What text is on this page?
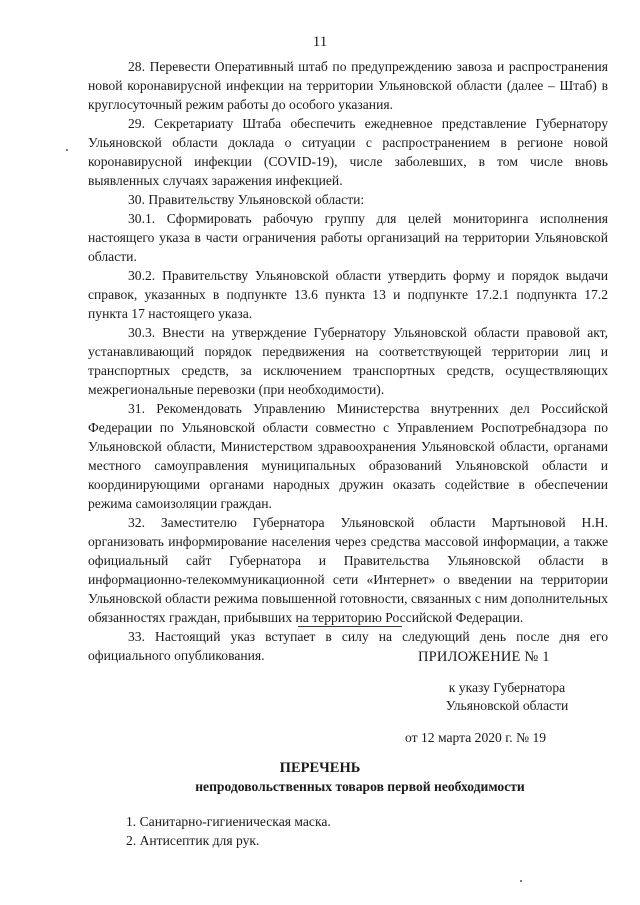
11

28. Перевести Оперативный штаб по предупреждению завоза и распространения новой коронавирусной инфекции на территории Ульяновской области (далее – Штаб) в круглосуточный режим работы до особого указания.

29. Секретариату Штаба обеспечить ежедневное представление Губернатору Ульяновской области доклада о ситуации с распространением в регионе новой коронавирусной инфекции (COVID-19), числе заболевших, в том числе вновь выявленных случаях заражения инфекцией.

30. Правительству Ульяновской области:

30.1. Сформировать рабочую группу для целей мониторинга исполнения настоящего указа в части ограничения работы организаций на территории Ульяновской области.

30.2. Правительству Ульяновской области утвердить форму и порядок выдачи справок, указанных в подпункте 13.6 пункта 13 и подпункте 17.2.1 подпункта 17.2 пункта 17 настоящего указа.

30.3. Внести на утверждение Губернатору Ульяновской области правовой акт, устанавливающий порядок передвижения на соответствующей территории лиц и транспортных средств, за исключением транспортных средств, осуществляющих межрегиональные перевозки (при необходимости).

31. Рекомендовать Управлению Министерства внутренних дел Российской Федерации по Ульяновской области совместно с Управлением Роспотребнадзора по Ульяновской области, Министерством здравоохранения Ульяновской области, органами местного самоуправления муниципальных образований Ульяновской области и координирующими органами народных дружин оказать содействие в обеспечении режима самоизоляции граждан.

32. Заместителю Губернатора Ульяновской области Мартыновой Н.Н. организовать информирование населения через средства массовой информации, а также официальный сайт Губернатора и Правительства Ульяновской области в информационно-телекоммуникационной сети «Интернет» о введении на территории Ульяновской области режима повышенной готовности, связанных с ним дополнительных обязанностях граждан, прибывших на территорию Российской Федерации.

33. Настоящий указ вступает в силу на следующий день после дня его официального опубликования.	ПРИЛОЖЕНИЕ № 1
к указу Губернатора
Ульяновской области
от 12 марта 2020 г. № 19
ПЕРЕЧЕНЬ
непродовольственных товаров первой необходимости
1. Санитарно-гигиеническая маска.
2. Антисептик для рук.
